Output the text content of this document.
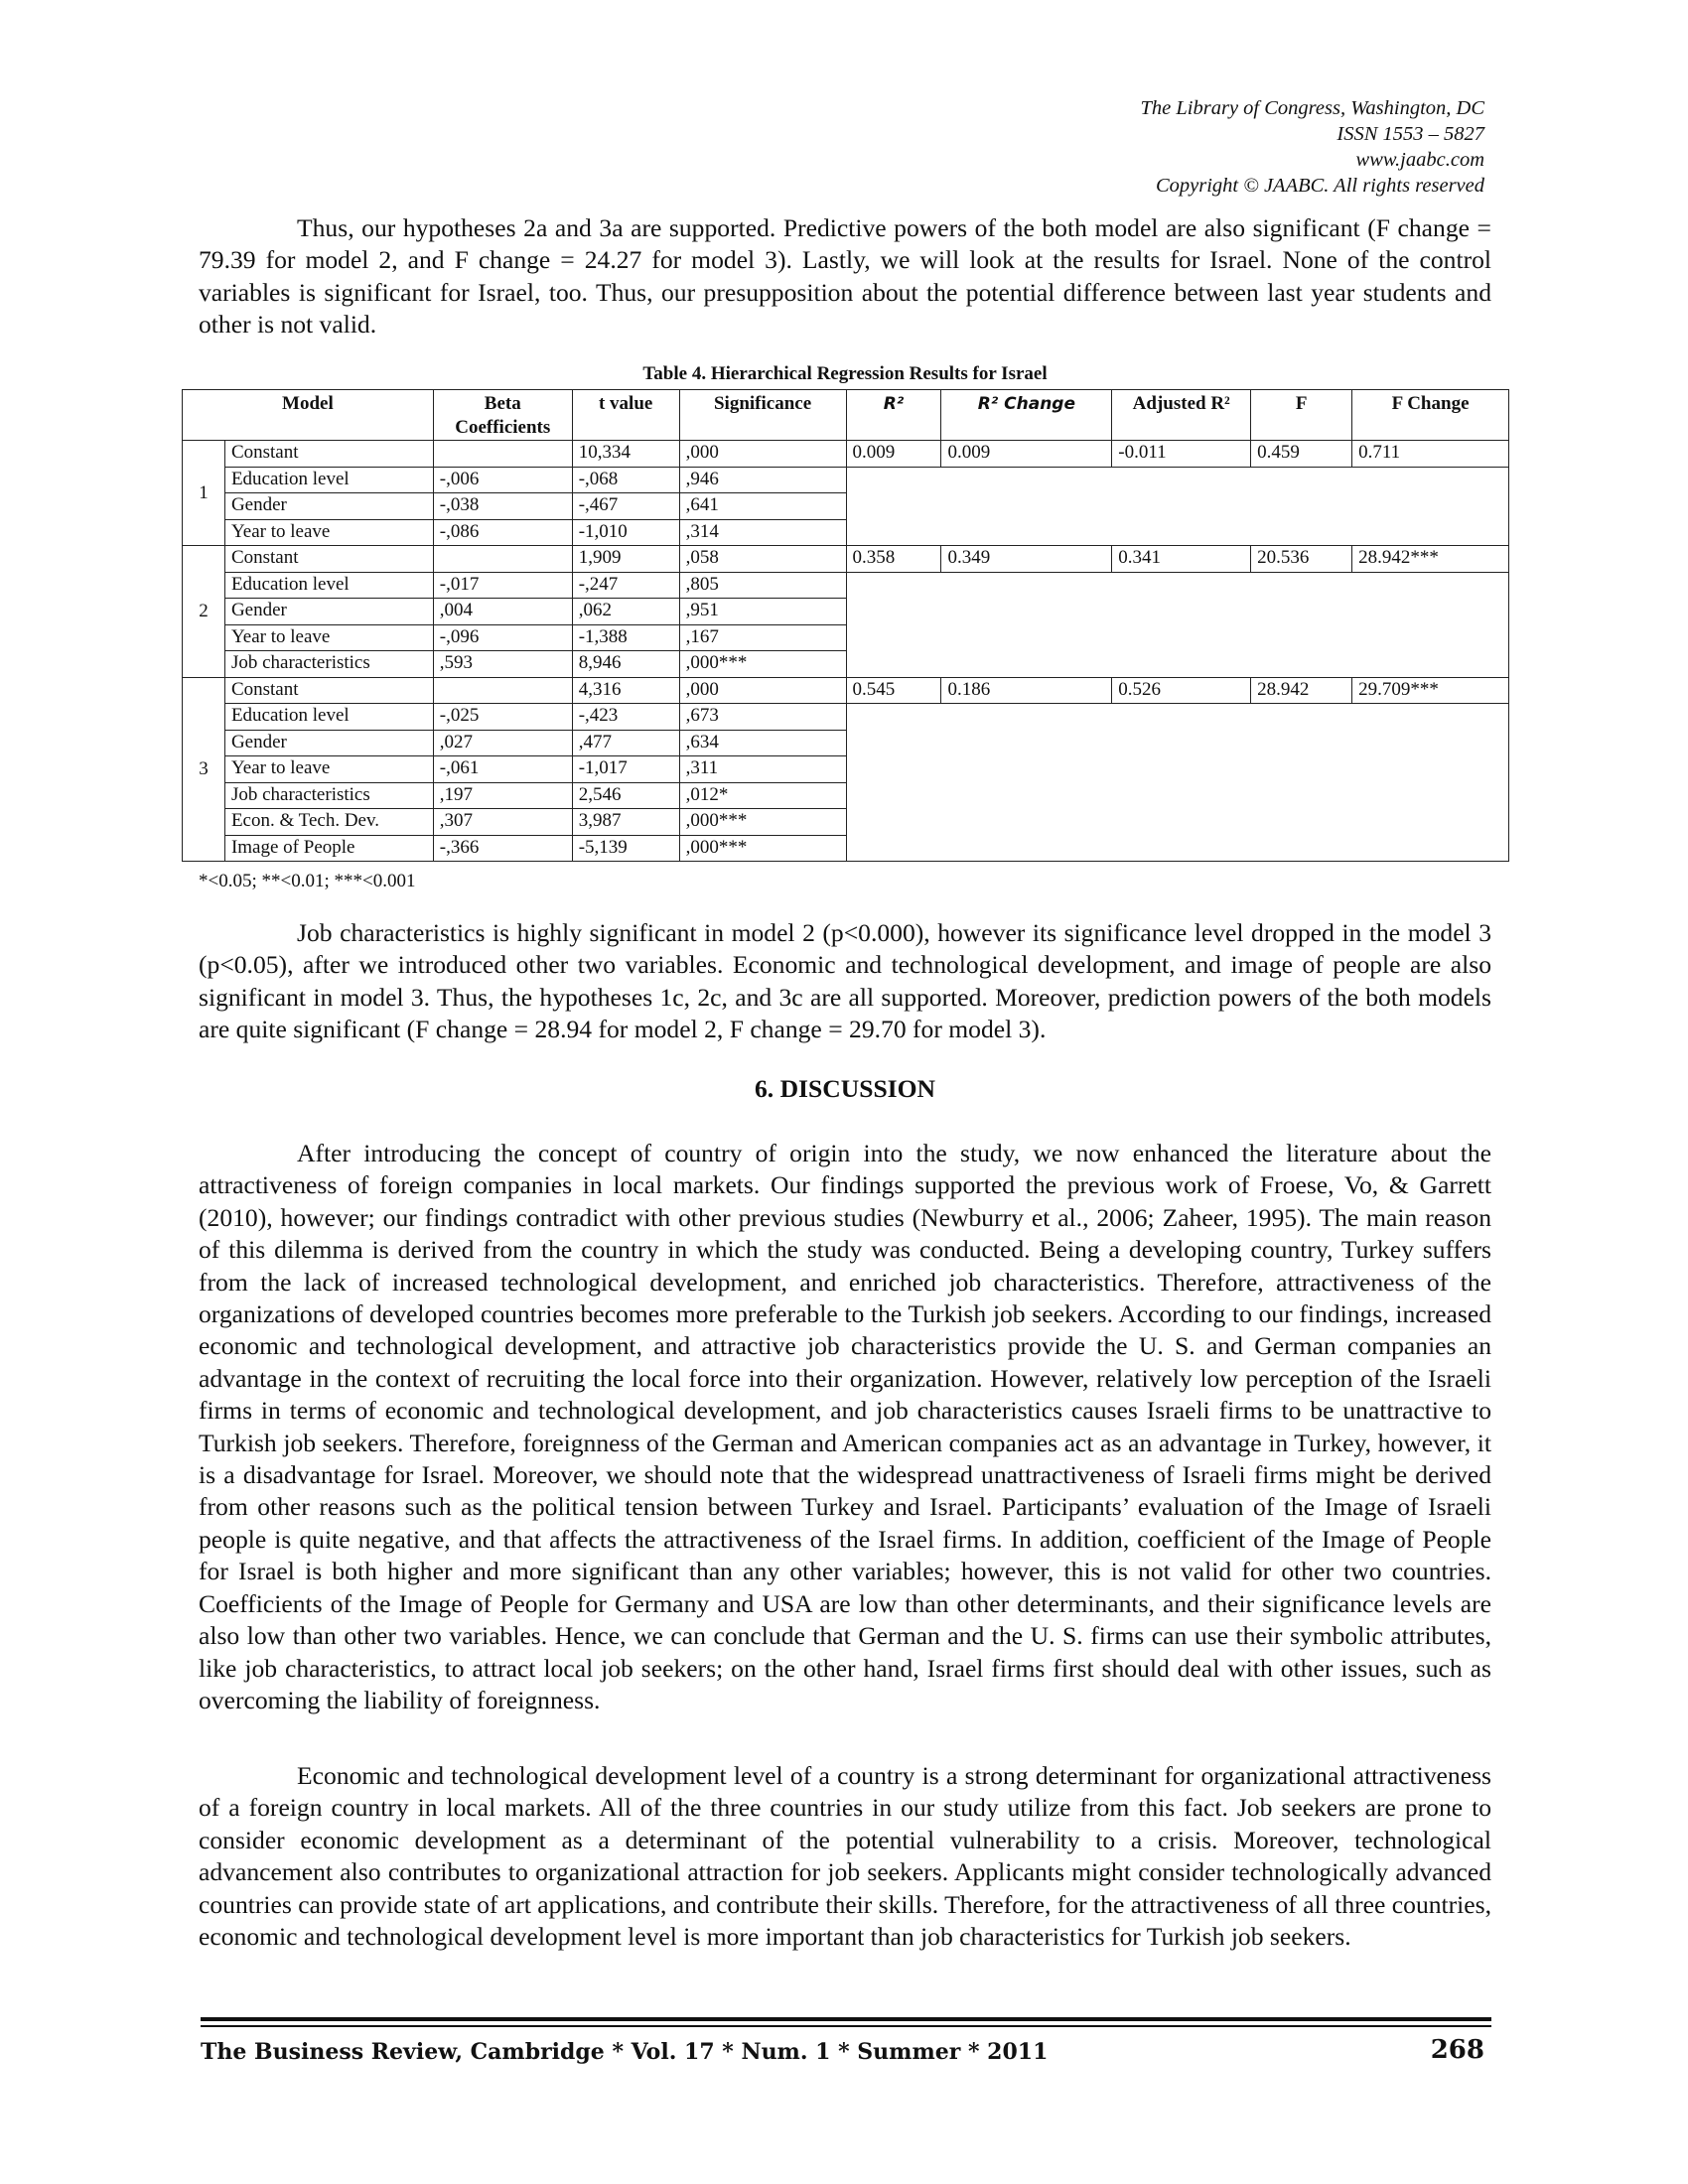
The Library of Congress, Washington, DC
ISSN 1553 – 5827
www.jaabc.com
Copyright © JAABC. All rights reserved

Thus, our hypotheses 2a and 3a are supported. Predictive powers of the both model are also significant (F change = 79.39 for model 2, and F change = 24.27 for model 3). Lastly, we will look at the results for Israel. None of the control variables is significant for Israel, too. Thus, our presupposition about the potential difference between last year students and other is not valid.

Table 4. Hierarchical Regression Results for Israel
Model		Beta Coefficients	t value	Significance	R²	R² Change	Adjusted R²	F	F Change
1	Constant		10,334	,000	0.009	0.009	-0.011	0.459	0.711
	Education level	-,006	-,068	,946					
	Gender	-,038	-,467	,641					
	Year to leave	-,086	-1,010	,314					
2	Constant		1,909	,058	0.358	0.349	0.341	20.536	28.942***
	Education level	-,017	-,247	,805					
	Gender	,004	,062	,951					
	Year to leave	-,096	-1,388	,167					
	Job characteristics	,593	8,946	,000***					
3	Constant		4,316	,000	0.545	0.186	0.526	28.942	29.709***
	Education level	-,025	-,423	,673					
	Gender	,027	,477	,634					
	Year to leave	-,061	-1,017	,311					
	Job characteristics	,197	2,546	,012*					
	Econ. & Tech. Dev.	,307	3,987	,000***					
	Image of People	-,366	-5,139	,000***					
*<0.05; **<0.01; ***<0.001

Job characteristics is highly significant in model 2 (p<0.000), however its significance level dropped in the model 3 (p<0.05), after we introduced other two variables. Economic and technological development, and image of people are also significant in model 3. Thus, the hypotheses 1c, 2c, and 3c are all supported. Moreover, prediction powers of the both models are quite significant (F change = 28.94 for model 2, F change = 29.70 for model 3).

6. DISCUSSION

After introducing the concept of country of origin into the study, we now enhanced the literature about the attractiveness of foreign companies in local markets. Our findings supported the previous work of Froese, Vo, & Garrett (2010), however; our findings contradict with other previous studies (Newburry et al., 2006; Zaheer, 1995). The main reason of this dilemma is derived from the country in which the study was conducted. Being a developing country, Turkey suffers from the lack of increased technological development, and enriched job characteristics. Therefore, attractiveness of the organizations of developed countries becomes more preferable to the Turkish job seekers. According to our findings, increased economic and technological development, and attractive job characteristics provide the U. S. and German companies an advantage in the context of recruiting the local force into their organization. However, relatively low perception of the Israeli firms in terms of economic and technological development, and job characteristics causes Israeli firms to be unattractive to Turkish job seekers. Therefore, foreignness of the German and American companies act as an advantage in Turkey, however, it is a disadvantage for Israel. Moreover, we should note that the widespread unattractiveness of Israeli firms might be derived from other reasons such as the political tension between Turkey and Israel. Participants’ evaluation of the Image of Israeli people is quite negative, and that affects the attractiveness of the Israel firms. In addition, coefficient of the Image of People for Israel is both higher and more significant than any other variables; however, this is not valid for other two countries. Coefficients of the Image of People for Germany and USA are low than other determinants, and their significance levels are also low than other two variables. Hence, we can conclude that German and the U. S. firms can use their symbolic attributes, like job characteristics, to attract local job seekers; on the other hand, Israel firms first should deal with other issues, such as overcoming the liability of foreignness.

Economic and technological development level of a country is a strong determinant for organizational attractiveness of a foreign country in local markets. All of the three countries in our study utilize from this fact. Job seekers are prone to consider economic development as a determinant of the potential vulnerability to a crisis. Moreover, technological advancement also contributes to organizational attraction for job seekers. Applicants might consider technologically advanced countries can provide state of art applications, and contribute their skills. Therefore, for the attractiveness of all three countries, economic and technological development level is more important than job characteristics for Turkish job seekers.

The Business Review, Cambridge * Vol. 17 * Num. 1 * Summer * 2011	268
